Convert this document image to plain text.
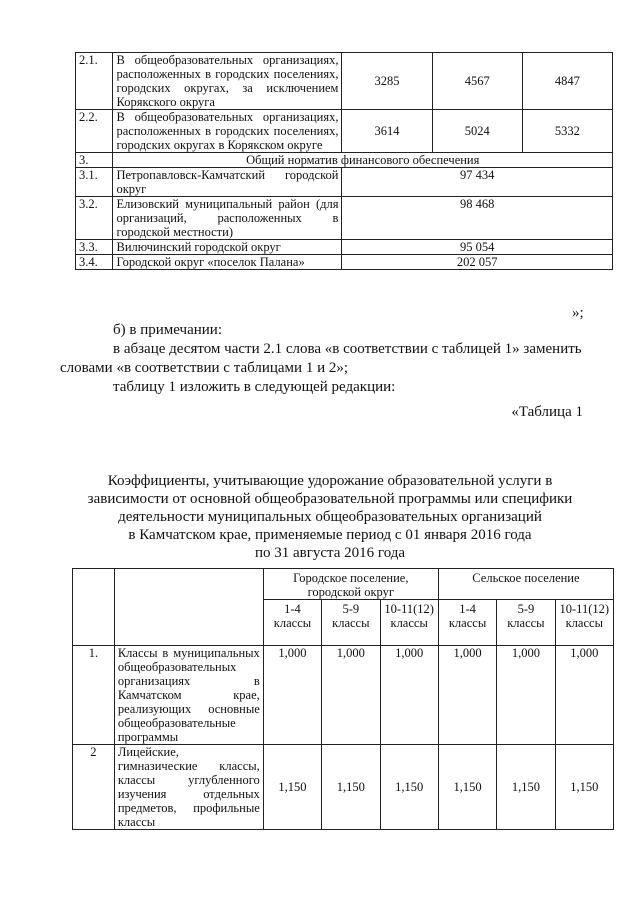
2.1.	В общеобразовательных организациях, расположенных в городских поселениях, городских округах, за исключением Корякского округа	3285	4567	4847
2.2.	В общеобразовательных организациях, расположенных в городских поселениях, городских округах в Корякском округе	3614	5024	5332
3.	Общий норматив финансового обеспечения			
3.1.	Петропавловск-Камчатский городской округ	97 434		
3.2.	Елизовский муниципальный район (для организаций, расположенных в городской местности)	98 468		
3.3.	Вилючинский городской округ	95 054		
3.4.	Городской округ «поселок Палана»	202 057		
»;
б) в примечании:
в абзаце десятом части 2.1 слова «в соответствии с таблицей 1» заменить
словами «в соответствии с таблицами 1 и 2»;
таблицу 1 изложить в следующей редакции:
«Таблица 1
Коэффициенты, учитывающие удорожание образовательной услуги в
зависимости от основной общеобразовательной программы или специфики
деятельности муниципальных общеобразовательных организаций
в Камчатском крае, применяемые период с 01 января 2016 года
по 31 августа 2016 года
		Городское поселение, городской округ			Сельское поселение		
		1-4 классы	5-9 классы	10-11(12) классы	1-4 классы	5-9 классы	10-11(12) классы
1.	Классы в муниципальных общеобразовательных организациях в Камчатском крае, реализующих основные общеобразовательные программы	1,000	1,000	1,000	1,000	1,000	1,000
2	Лицейские, гимназические классы, классы углубленного изучения отдельных предметов, профильные классы	1,150	1,150	1,150	1,150	1,150	1,150
